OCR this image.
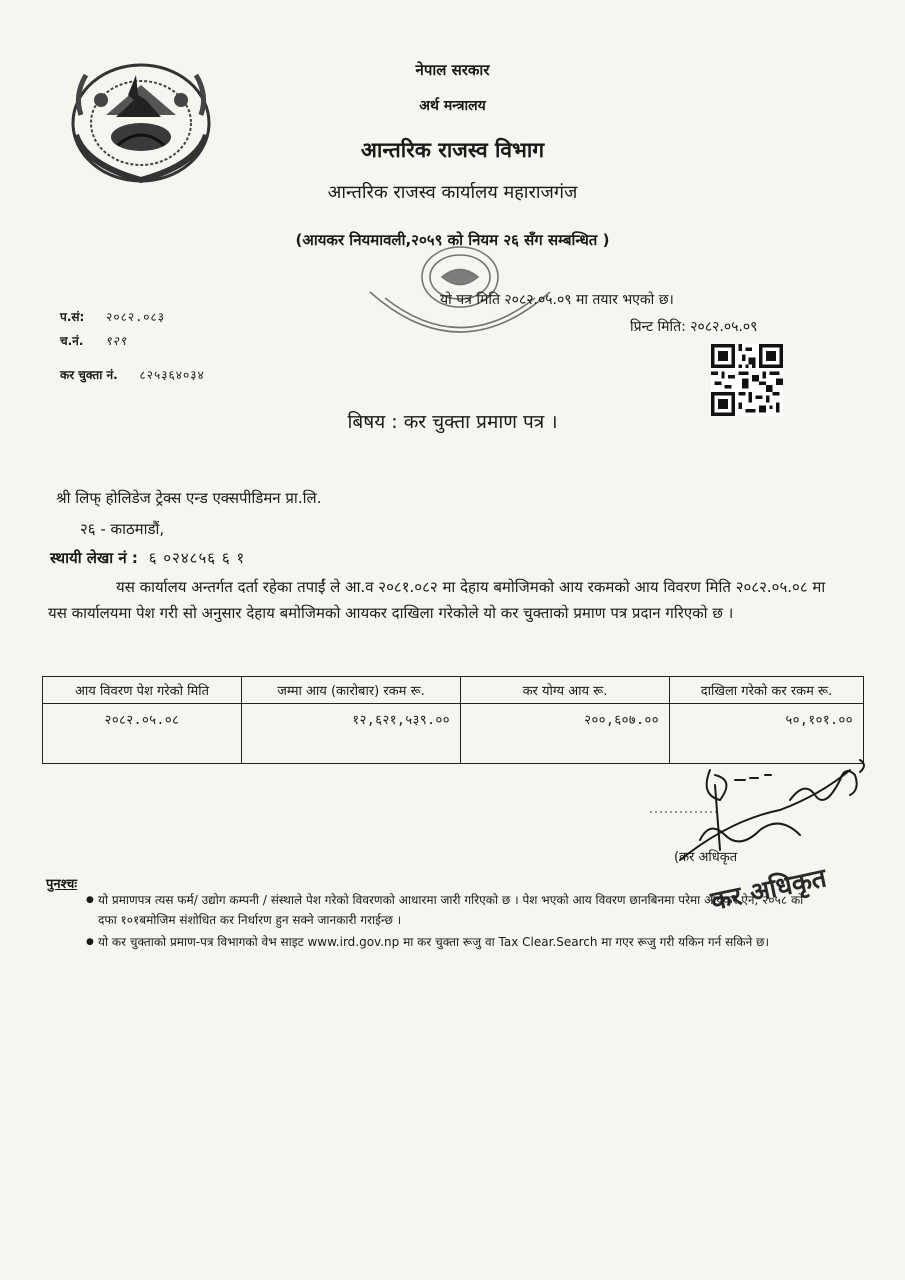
नेपाल सरकार
अर्थ मन्त्रालय
आन्तरिक राजस्व विभाग
आन्तरिक राजस्व कार्यालय महाराजगंज
(आयकर नियमावली,२०५९ को नियम २६ सँग सम्बन्धित )
प.सं: २०८२.०८३
च.नं. ९२९
कर चुक्ता नं. ८२५३६४०३४
यो पत्र मिति २०८२.०५.०९ मा तयार भएको छ।
प्रिन्ट मिति: २०८२.०५.०९
बिषय : कर चुक्ता प्रमाण पत्र ।
श्री लिफ् होलिडेज ट्रेक्स एन्ड एक्सपीडिमन प्रा.लि.
२६ - काठमाडौं,
स्थायी लेखा नं : ६ ०२४८५६ ६ १
यस कार्यालय अन्तर्गत दर्ता रहेका तपाईं ले आ.व २०८१.०८२ मा देहाय बमोजिमको आय रकमको आय विवरण मिति २०८२.०५.०८ मा यस कार्यालयमा पेश गरी सो अनुसार देहाय बमोजिमको आयकर दाखिला गरेकोले यो कर चुक्ताको प्रमाण पत्र प्रदान गरिएको छ ।
आय विवरण पेश गरेको मिति	जम्मा आय (कारोबार) रकम रू.	कर योग्य आय रू.	दाखिला गरेको कर रकम रू.
२०८२.०५.०८	१२,६२१,५३९.००	२००,६०७.००	५०,१०१.००
कर अधिकृत
(कर अधिकृत
पुनश्चः
● यो प्रमाणपत्र त्यस फर्म/ उद्योग कम्पनी / संस्थाले पेश गरेको विवरणको आधारमा जारी गरिएको छ । पेश भएको आय विवरण छानबिनमा परेमा आयकर ऐन, २०५८ को दफा १०१बमोजिम संशोधित कर निर्धारण हुन सक्ने जानकारी गराईन्छ ।
● यो कर चुक्ताको प्रमाण-पत्र विभागको वेभ साइट www.ird.gov.np मा कर चुक्ता रूजु वा Tax Clear.Search मा गएर रूजु गरी यकिन गर्न सकिने छ।
